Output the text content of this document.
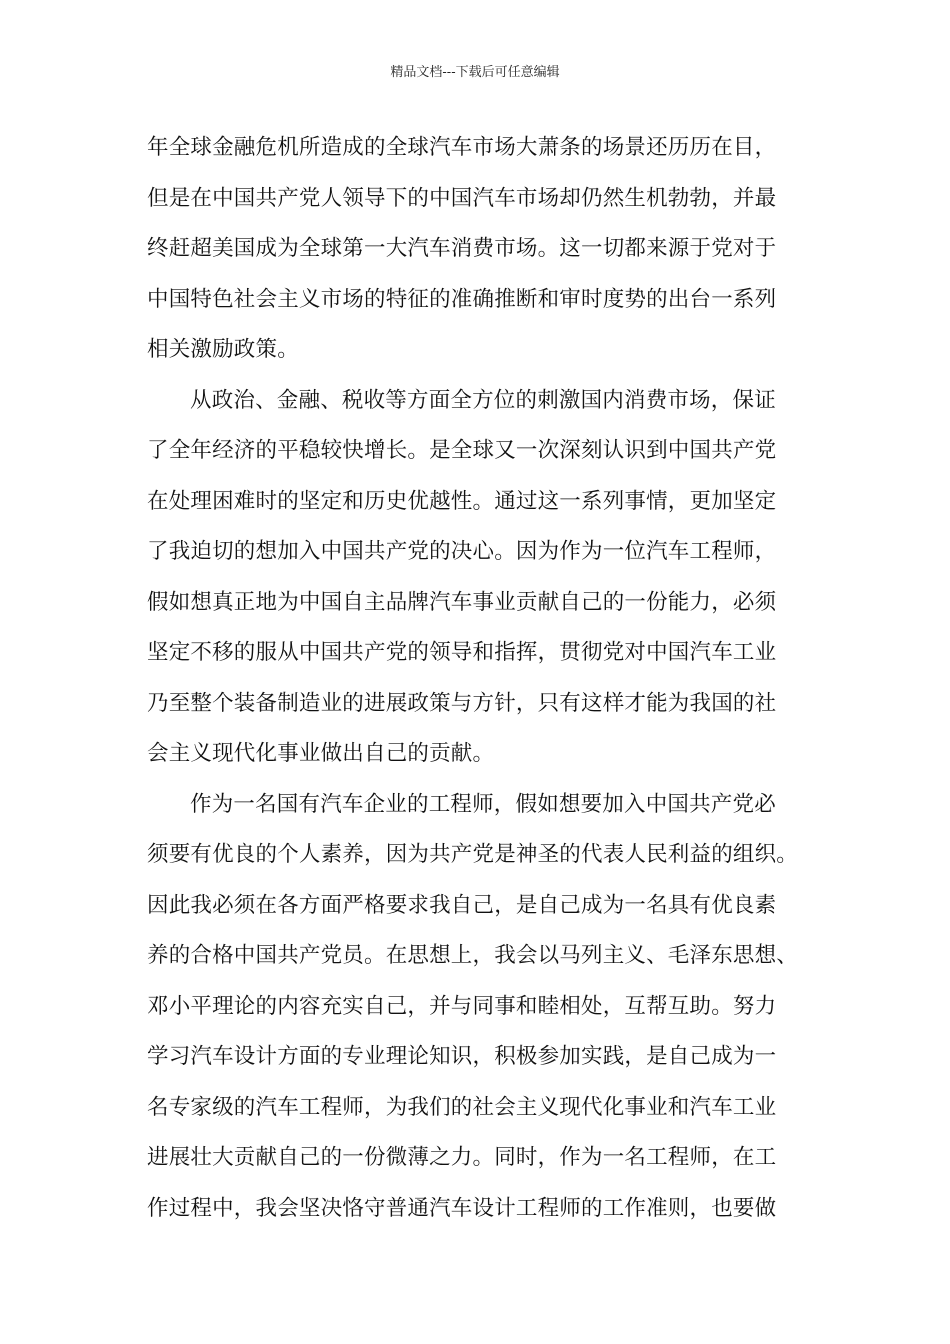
精品文档---下载后可任意编辑
年全球金融危机所造成的全球汽车市场大萧条的场景还历历在目，
但是在中国共产党人领导下的中国汽车市场却仍然生机勃勃，并最
终赶超美国成为全球第一大汽车消费市场。这一切都来源于党对于
中国特色社会主义市场的特征的准确推断和审时度势的出台一系列
相关激励政策。
从政治、金融、税收等方面全方位的刺激国内消费市场，保证
了全年经济的平稳较快增长。是全球又一次深刻认识到中国共产党
在处理困难时的坚定和历史优越性。通过这一系列事情，更加坚定
了我迫切的想加入中国共产党的决心。因为作为一位汽车工程师，
假如想真正地为中国自主品牌汽车事业贡献自己的一份能力，必须
坚定不移的服从中国共产党的领导和指挥，贯彻党对中国汽车工业
乃至整个装备制造业的进展政策与方针，只有这样才能为我国的社
会主义现代化事业做出自己的贡献。
作为一名国有汽车企业的工程师，假如想要加入中国共产党必
须要有优良的个人素养，因为共产党是神圣的代表人民利益的组织。
因此我必须在各方面严格要求我自己，是自己成为一名具有优良素
养的合格中国共产党员。在思想上，我会以马列主义、毛泽东思想、
邓小平理论的内容充实自己，并与同事和睦相处，互帮互助。努力
学习汽车设计方面的专业理论知识，积极参加实践，是自己成为一
名专家级的汽车工程师，为我们的社会主义现代化事业和汽车工业
进展壮大贡献自己的一份微薄之力。同时，作为一名工程师，在工
作过程中，我会坚决恪守普通汽车设计工程师的工作准则，也要做
